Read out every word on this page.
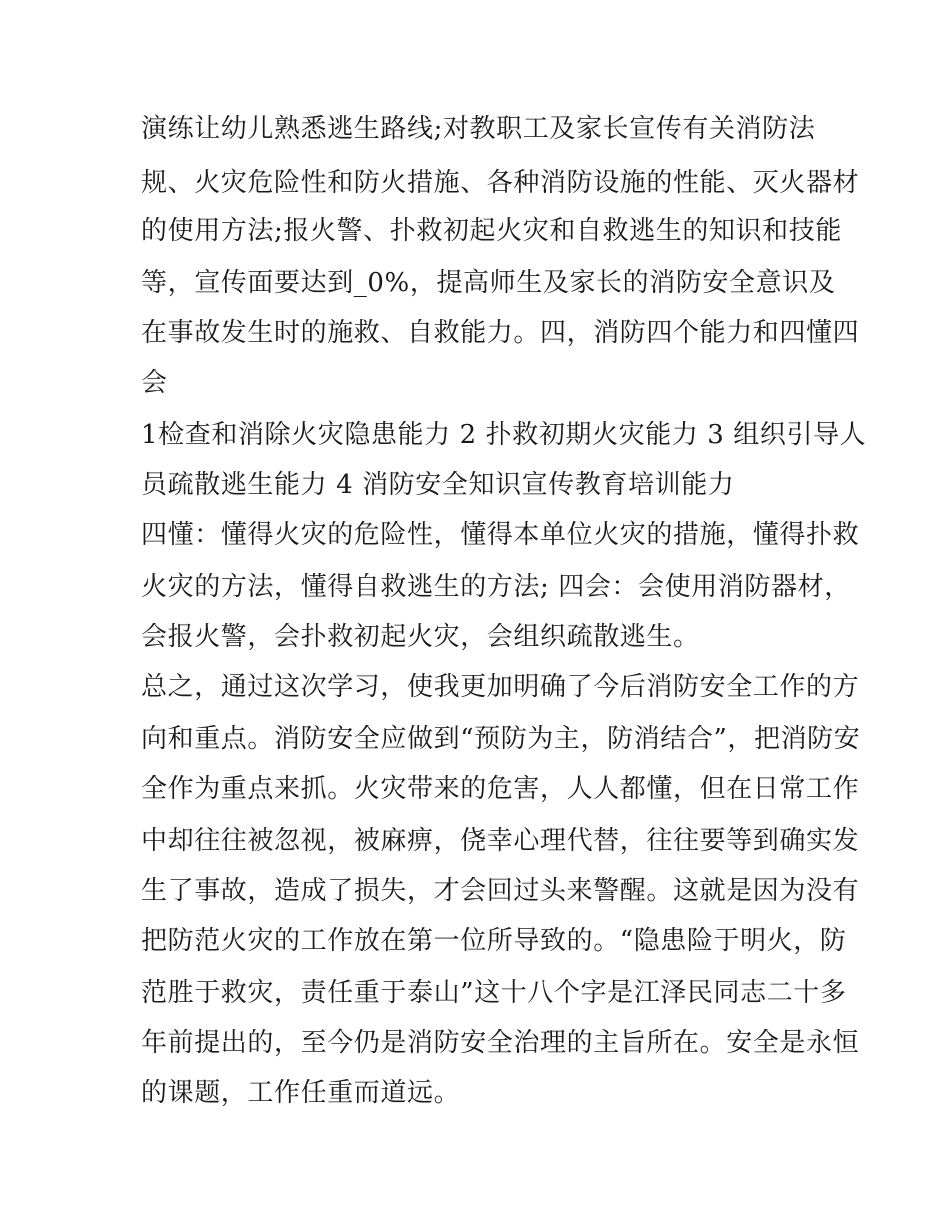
演练让幼儿熟悉逃生路线;对教职工及家长宣传有关消防法
规、火灾危险性和防火措施、各种消防设施的性能、灭火器材
的使用方法;报火警、扑救初起火灾和自救逃生的知识和技能
等，宣传面要达到_0%，提高师生及家长的消防安全意识及
在事故发生时的施救、自救能力。四，消防四个能力和四懂四
会
1检查和消除火灾隐患能力 2 扑救初期火灾能力 3 组织引导人
员疏散逃生能力 4 消防安全知识宣传教育培训能力
四懂：懂得火灾的危险性，懂得本单位火灾的措施，懂得扑救
火灾的方法，懂得自救逃生的方法; 四会：会使用消防器材，
会报火警，会扑救初起火灾，会组织疏散逃生。
总之，通过这次学习，使我更加明确了今后消防安全工作的方
向和重点。消防安全应做到“预防为主，防消结合”，把消防安
全作为重点来抓。火灾带来的危害，人人都懂，但在日常工作
中却往往被忽视，被麻痹，侥幸心理代替，往往要等到确实发
生了事故，造成了损失，才会回过头来警醒。这就是因为没有
把防范火灾的工作放在第一位所导致的。“隐患险于明火，防
范胜于救灾，责任重于泰山”这十八个字是江泽民同志二十多
年前提出的，至今仍是消防安全治理的主旨所在。安全是永恒
的课题，工作任重而道远。
